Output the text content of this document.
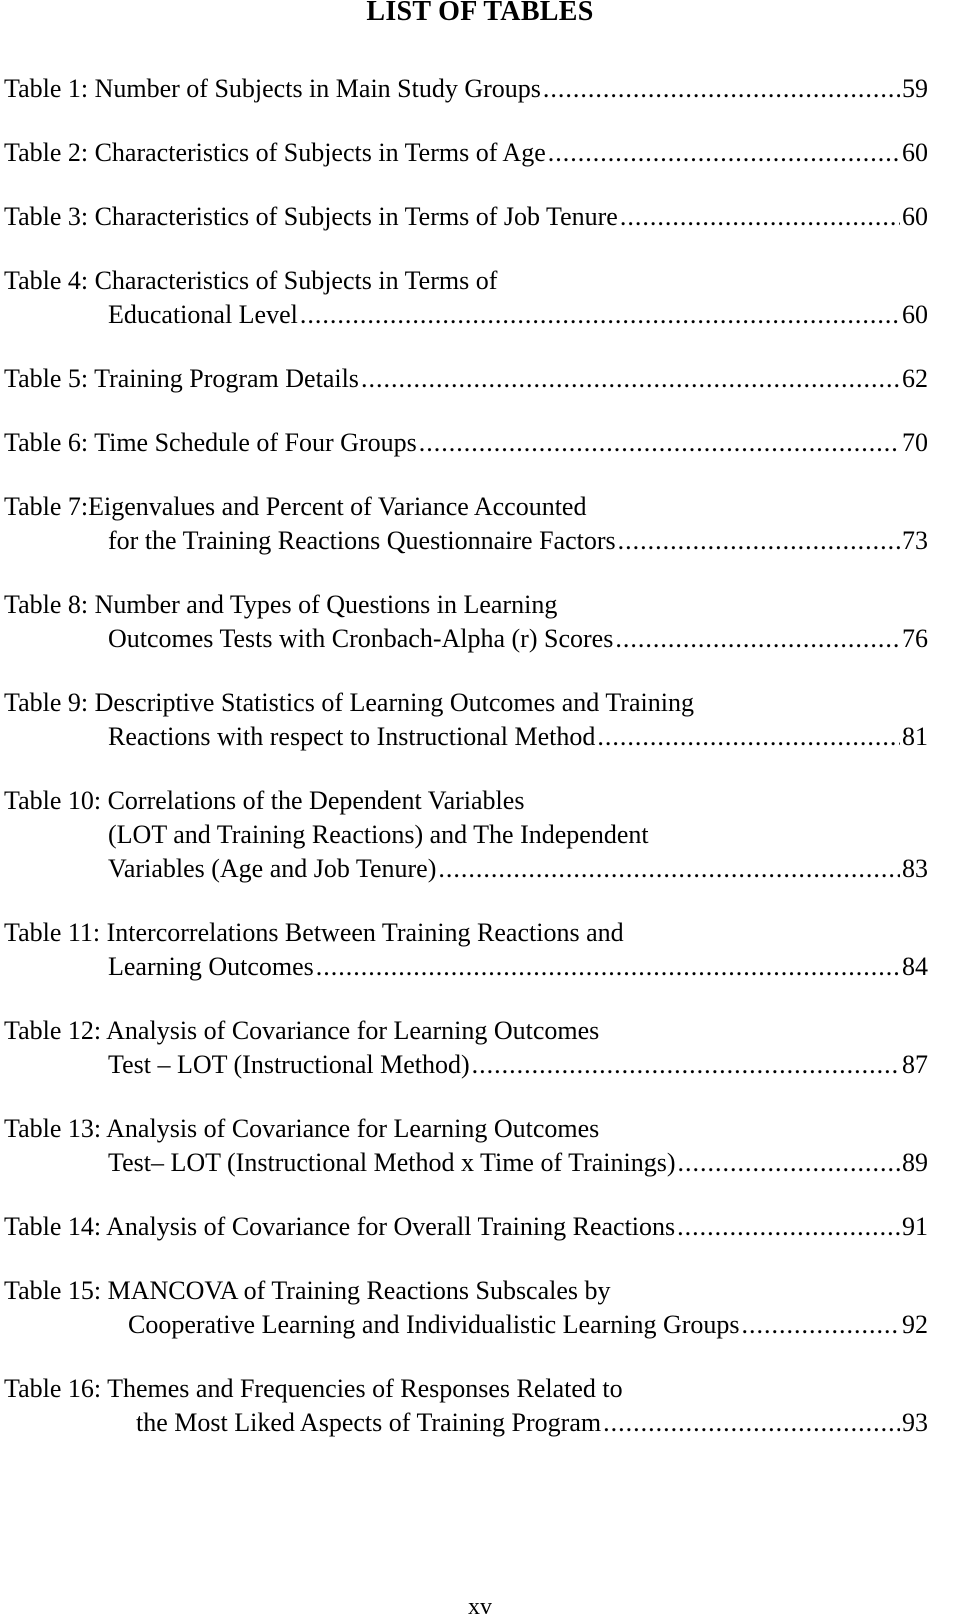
LIST OF TABLES
Table 1: Number of Subjects in Main Study Groups .....	59
Table 2: Characteristics of Subjects in Terms of Age .....	60
Table 3: Characteristics of Subjects in Terms of Job Tenure .....	60
Table 4: Characteristics of Subjects in Terms of
Educational Level .....	60
Table 5: Training Program Details .....	62
Table 6: Time Schedule of Four Groups .....	70
Table 7:Eigenvalues and Percent of Variance Accounted
for the Training Reactions Questionnaire Factors .....	73
Table 8: Number and Types of Questions in Learning
Outcomes Tests with Cronbach-Alpha (r) Scores .....	76
Table 9: Descriptive Statistics of Learning Outcomes and Training
Reactions with respect to Instructional Method .....	81
Table 10: Correlations of the Dependent Variables
(LOT and Training Reactions) and The Independent
Variables (Age and Job Tenure) .....	83
Table 11: Intercorrelations Between Training Reactions and
Learning Outcomes .....	84
Table 12: Analysis of Covariance for Learning Outcomes
Test – LOT (Instructional Method) .....	87
Table 13: Analysis of Covariance for Learning Outcomes
Test– LOT (Instructional Method x Time of Trainings) .....	89
Table 14: Analysis of Covariance for Overall Training Reactions .....	91
Table 15: MANCOVA of Training Reactions Subscales by
Cooperative Learning and Individualistic Learning Groups .....	92
Table 16: Themes and Frequencies of Responses Related to
the Most Liked Aspects of Training Program .....	93
xv
